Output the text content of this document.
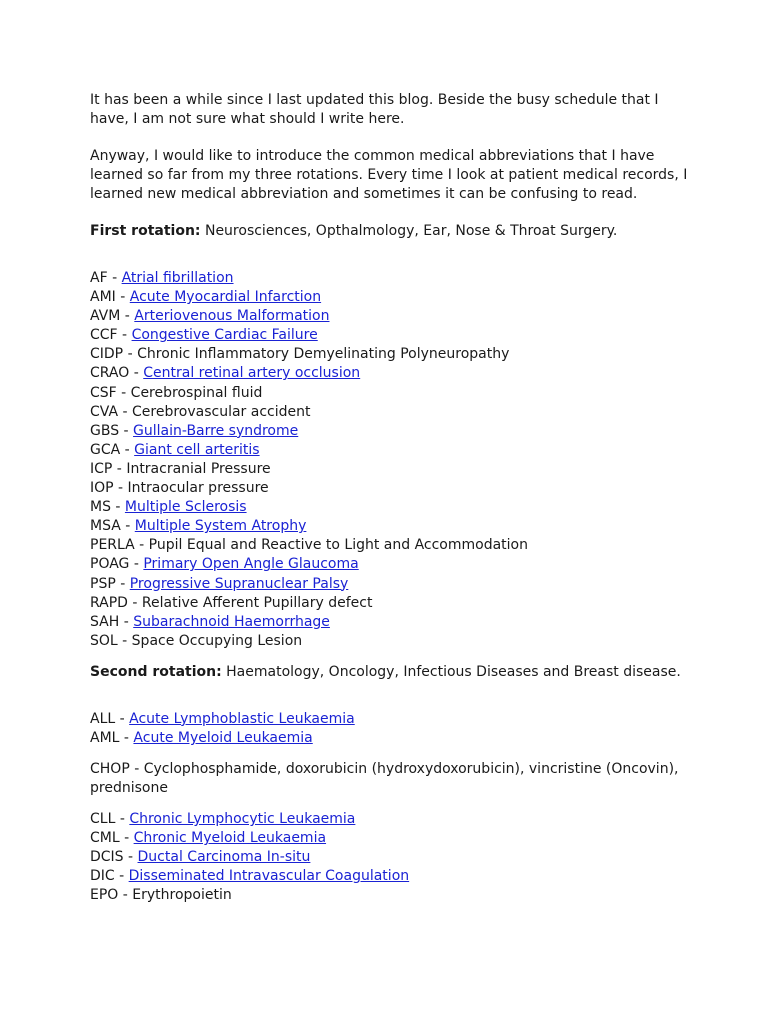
It has been a while since I last updated this blog. Beside the busy schedule that I have, I am not sure what should I write here.

Anyway, I would like to introduce the common medical abbreviations that I have learned so far from my three rotations. Every time I look at patient medical records, I learned new medical abbreviation and sometimes it can be confusing to read.

First rotation: Neurosciences, Opthalmology, Ear, Nose & Throat Surgery.

AF - Atrial fibrillation
AMI - Acute Myocardial Infarction
AVM - Arteriovenous Malformation
CCF - Congestive Cardiac Failure
CIDP - Chronic Inflammatory Demyelinating Polyneuropathy
CRAO - Central retinal artery occlusion
CSF - Cerebrospinal fluid
CVA - Cerebrovascular accident
GBS - Gullain-Barre syndrome
GCA - Giant cell arteritis
ICP - Intracranial Pressure
IOP - Intraocular pressure
MS - Multiple Sclerosis
MSA - Multiple System Atrophy
PERLA - Pupil Equal and Reactive to Light and Accommodation
POAG - Primary Open Angle Glaucoma
PSP - Progressive Supranuclear Palsy
RAPD - Relative Afferent Pupillary defect
SAH - Subarachnoid Haemorrhage
SOL - Space Occupying Lesion

Second rotation: Haematology, Oncology, Infectious Diseases and Breast disease.

ALL - Acute Lymphoblastic Leukaemia
AML - Acute Myeloid Leukaemia

CHOP - Cyclophosphamide, doxorubicin (hydroxydoxorubicin), vincristine (Oncovin), prednisone

CLL - Chronic Lymphocytic Leukaemia
CML - Chronic Myeloid Leukaemia
DCIS - Ductal Carcinoma In-situ
DIC - Disseminated Intravascular Coagulation
EPO - Erythropoietin
